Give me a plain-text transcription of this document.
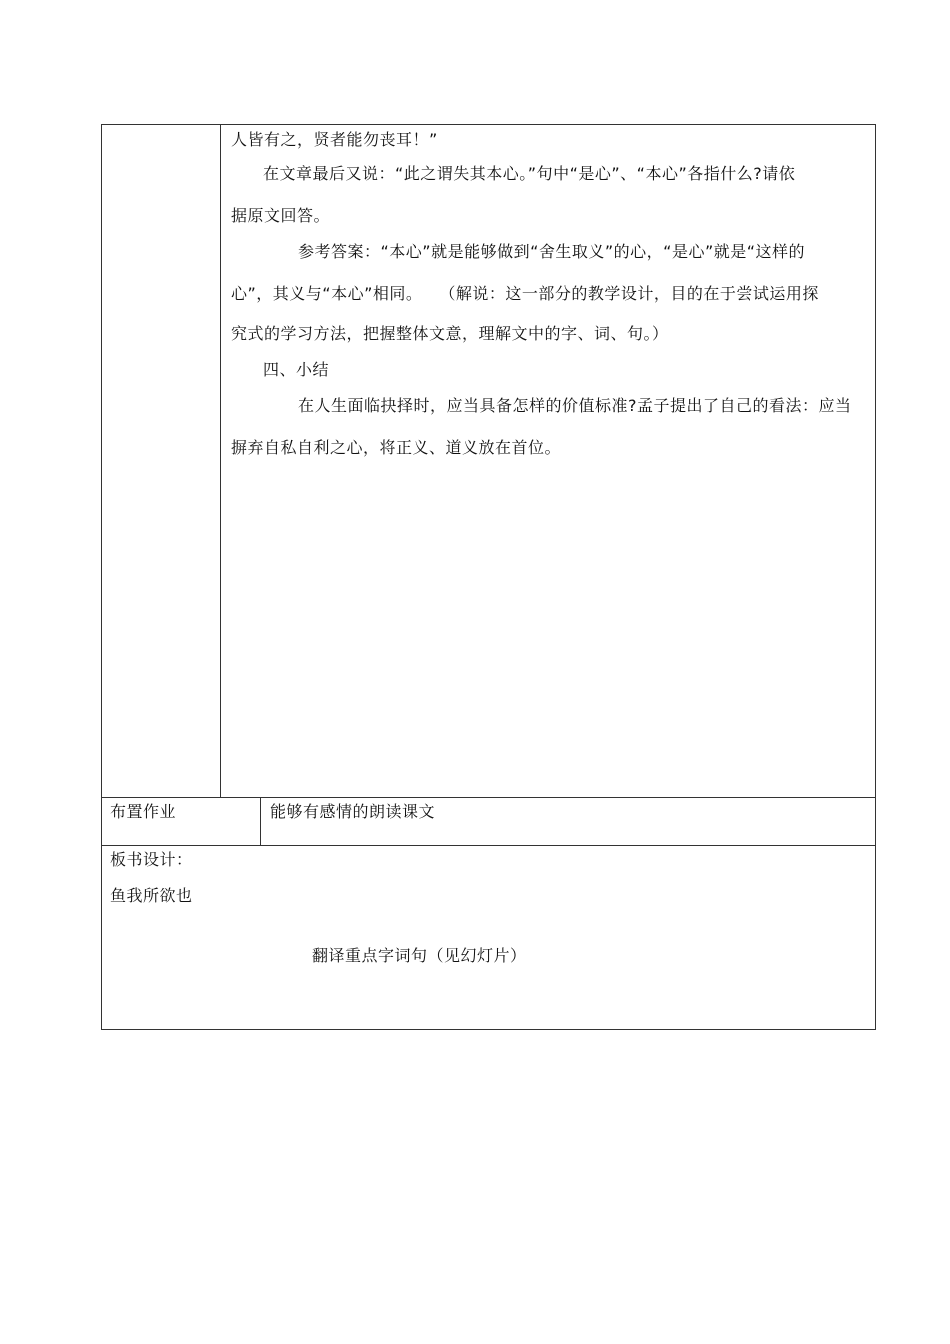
人皆有之，贤者能勿丧耳！”
在文章最后又说：“此之谓失其本心。”句中“是心”、“本心”各指什么?请依
据原文回答。
参考答案：“本心”就是能够做到“舍生取义”的心，“是心”就是“这样的
心”，其义与“本心”相同。　　（解说：这一部分的教学设计，目的在于尝试运用探
究式的学习方法，把握整体文意，理解文中的字、词、句。）
四、小结
在人生面临抉择时，应当具备怎样的价值标准?孟子提出了自己的看法：应当
摒弃自私自利之心，将正义、道义放在首位。
布置作业	能够有感情的朗读课文
板书设计：
鱼我所欲也
翻译重点字词句（见幻灯片）
